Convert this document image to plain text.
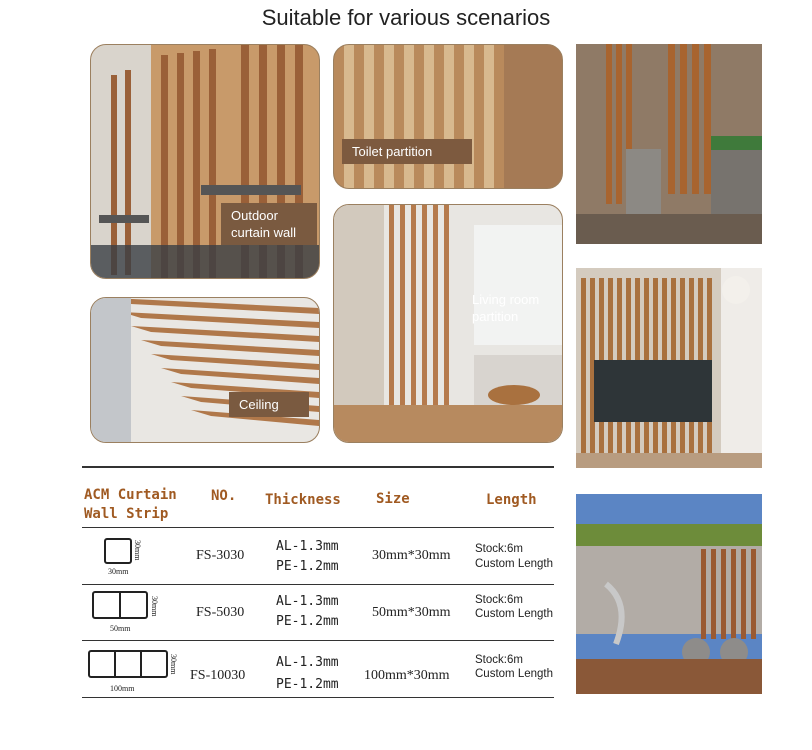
Suitable for various scenarios
Outdoor curtain wall
Toilet partition
Living room partition
Ceiling
ACM Curtain Wall Strip
NO. Thickness	Size	Length
30mm
30mm
FS-3030
AL-1.3mm
PE-1.2mm
30mm*30mm Stock:6m
Custom Length
30mm
50mm
FS-5030
AL-1.3mm
PE-1.2mm
50mm*30mm
Stock:6m
Custom Length
30mm
100mm
FS-10030
AL-1.3mm
PE-1.2mm
100mm*30mm
Stock:6m
Custom Length
